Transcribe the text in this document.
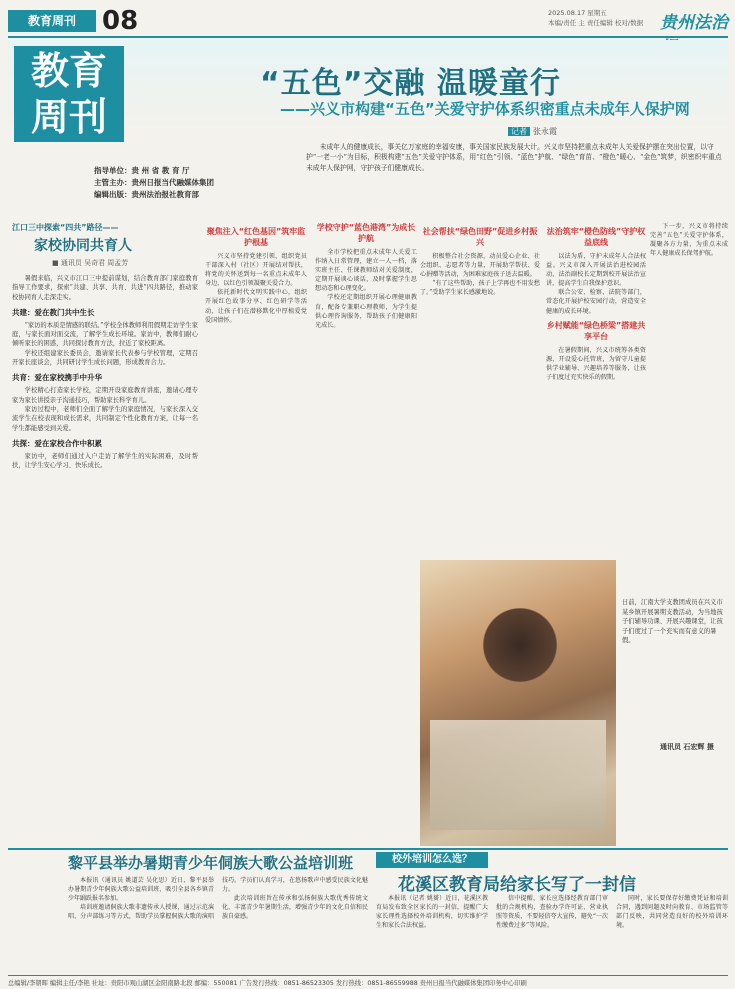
教育周刊	08	2025.08.17 星期五
本编/责任 主 责任编辑 校对/数据 贵州法治
教育
周刊
“五色”交融 温暖童行
——兴义市构建“五色”关爱守护体系织密重点未成年人保护网
记者 张永霞
指导单位：贵 州 省 教 育 厅
主管主办：贵州日报当代融媒体集团
编辑出版：贵州法治报社教育部
未成年人的健康成长，事关亿万家庭的幸福安康，事关国家民族发展大计。兴义市坚持把重点未成年人关爱保护摆在突出位置，以守护“一老一小”为目标，积极构建“五色”关爱守护体系，用“红色”引领、“蓝色”护航、“绿色”育苗、“橙色”暖心、“金色”筑梦，织密织牢重点未成年人保护网，守护孩子们健康成长。
江口三中探索“四共”路径——
家校协同共育人
■ 通讯员 吴奇君 周孟芳

暑假来临，兴义市江口三中提前谋划，结合教育部门家庭教育指导工作要求，探索“共建、共享、共育、共进”四共路径，推动家校协同育人走深走实。

共建：爱在教门共中生长

“家访的本质是情感的联结。”学校全体教师利用假期走访学生家庭，与家长面对面交流，了解学生成长环境。家访中，教师们耐心倾听家长的困惑，共同探讨教育方法，拉近了家校距离。

学校还组建家长委员会，邀请家长代表参与学校管理，定期召开家长座谈会，共同研讨学生成长问题，形成教育合力。

共育：爱在家校携手中升华

学校精心打造家长学校，定期开设家庭教育讲座，邀请心理专家为家长讲授亲子沟通技巧，帮助家长科学育儿。

家访过程中，老师们全面了解学生的家庭情况，与家长深入交流学生在校表现和成长需求，共同制定个性化教育方案，让每一名学生都能感受到关爱。

共探：爱在家校合作中积累

家访中，老师们通过入户走访了解学生的实际困难，及时帮扶，让学生安心学习、快乐成长。

聚焦注入“红色基因”筑牢监护根基

兴义市坚持党建引领，组织党员干部深入村（社区）开展结对帮扶，将党的关怀送到每一名重点未成年人身边，以红色引领凝聚关爱合力。

依托新时代文明实践中心，组织开展红色故事分享、红色研学等活动，让孩子们在潜移默化中厚植爱党爱国情怀。

学校守护“蓝色港湾”为成长护航

全市学校把重点未成年人关爱工作纳入日常管理，建立一人一档，落实班主任、任课教师结对关爱制度，定期开展谈心谈话，及时掌握学生思想动态和心理变化。

学校还定期组织开展心理健康教育，配备专兼职心理教师，为学生提供心理咨询服务，帮助孩子们健康阳光成长。

社会帮扶“绿色田野”促进乡村振兴

积极整合社会资源，动员爱心企业、社会组织、志愿者等力量，开展助学帮扶、爱心捐赠等活动，为困难家庭孩子送去温暖。

“有了这些帮助，孩子上学再也不用发愁了。”受助学生家长感激地说。

法治筑牢“橙色防线”守护权益底线

以法为盾，守护未成年人合法权益。兴义市深入开展法治进校园活动，法治副校长定期到校开展法治宣讲，提高学生自我保护意识。

联合公安、检察、法院等部门，常态化开展护校安园行动，营造安全健康的成长环境。

乡村赋能“绿色桥梁”搭建共享平台

在暑假期间，兴义市统筹各类资源，开设爱心托管班，为留守儿童提供学业辅导、兴趣培养等服务，让孩子们度过充实快乐的假期。

下一步，兴义市将持续完善“五色”关爱守护体系，凝聚各方力量，为重点未成年人健康成长保驾护航。

日前，江南大学支教团成员在兴义市某乡镇开展暑期支教活动，为当地孩子们辅导功课、开展兴趣课堂，让孩子们度过了一个充实而有意义的暑假。
通讯员 石宏辉 摄
黎平县举办暑期青少年侗族大歌公益培训班

本报讯（通讯员 姚道芸 吴化思）近日，黎平县举办暑期青少年侗族大歌公益培训班，吸引全县各乡镇青少年踊跃报名参加。

培训班邀请侗族大歌非遗传承人授课，通过示范演唱、分声部练习等方式，帮助学员掌握侗族大歌的演唱技巧。学员们认真学习，在悠扬歌声中感受民族文化魅力。

此次培训班旨在传承和弘扬侗族大歌优秀传统文化，丰富青少年暑期生活，增强青少年的文化自信和民族自豪感。

校外培训怎么选？
花溪区教育局给家长写了一封信

本报讯（记者 姚赟）近日，花溪区教育局发布致全区家长的一封信，提醒广大家长理性选择校外培训机构，切实维护学生和家长合法权益。

信中提醒，家长应选择经教育部门审批的合规机构，查验办学许可证、营业执照等资质，不要轻信夸大宣传，避免“一次性缴费过多”等风险。

同时，家长要保存好缴费凭证和培训合同，遇到问题及时向教育、市场监管等部门反映，共同营造良好的校外培训环境。

总编辑/李朝晖 编辑主任/李艳 社址：贵阳市观山湖区金阳南路北段 邮编：550081 广告发行热线：0851-86523305 发行热线：0851-86559988 贵州日报当代融媒体集团印务中心印刷
